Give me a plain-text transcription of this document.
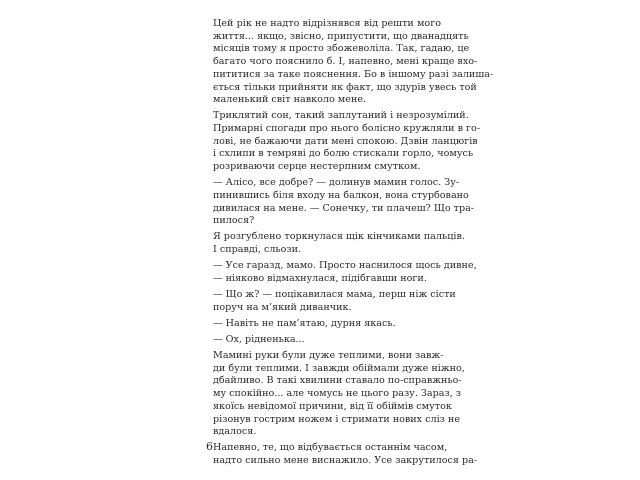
Цей рік не надто відрізнявся від решти мого
життя... якщо, звісно, припустити, що дванадцять
місяців тому я просто збожеволіла. Так, гадаю, це
багато чого пояснило б. І, напевно, мені краще вхо-
пититися за таке пояснення. Бо в іншому разі залиша-
ється тільки прийняти як факт, що здурів увесь той
маленький світ навколо мене.

Триклятий сон, такий заплутаний і незрозумілий.
Примарні спогади про нього болісно кружляли в го-
лові, не бажаючи дати мені спокою. Дзвін ланцюгів
і схлипи в темряві до болю стискали горло, чомусь
розриваючи серце нестерпним смутком.

— Алісо, все добре? — долинув мамин голос. Зу-
пинившись біля входу на балкон, вона стурбовано
дивилася на мене. — Сонечку, ти плачеш? Що тра-
пилося?

Я розгублено торкнулася щік кінчиками пальців.
І справді, сльози.

— Усе гаразд, мамо. Просто наснилося щось дивне,
— ніяково відмахнулася, підібгавши ноги.

— Що ж? — поцікавилася мама, перш ніж сісти
поруч на м’який диванчик.

— Навіть не пам’ятаю, дурня якась.

— Ох, рідненька...

Мамині руки були дуже теплими, вони завж-
ди були теплими. І завжди обіймали дуже ніжно,
дбайливо. В такі хвилини ставало по-справжньо-
му спокійно... але чомусь не цього разу. Зараз, з
якоїсь невідомої причини, від її обіймів смуток
різонув гострим ножем і стримати нових сліз не
вдалося.

Напевно, те, що відбувається останнім часом,
надто сильно мене виснажило. Усе закрутилося ра-

6
